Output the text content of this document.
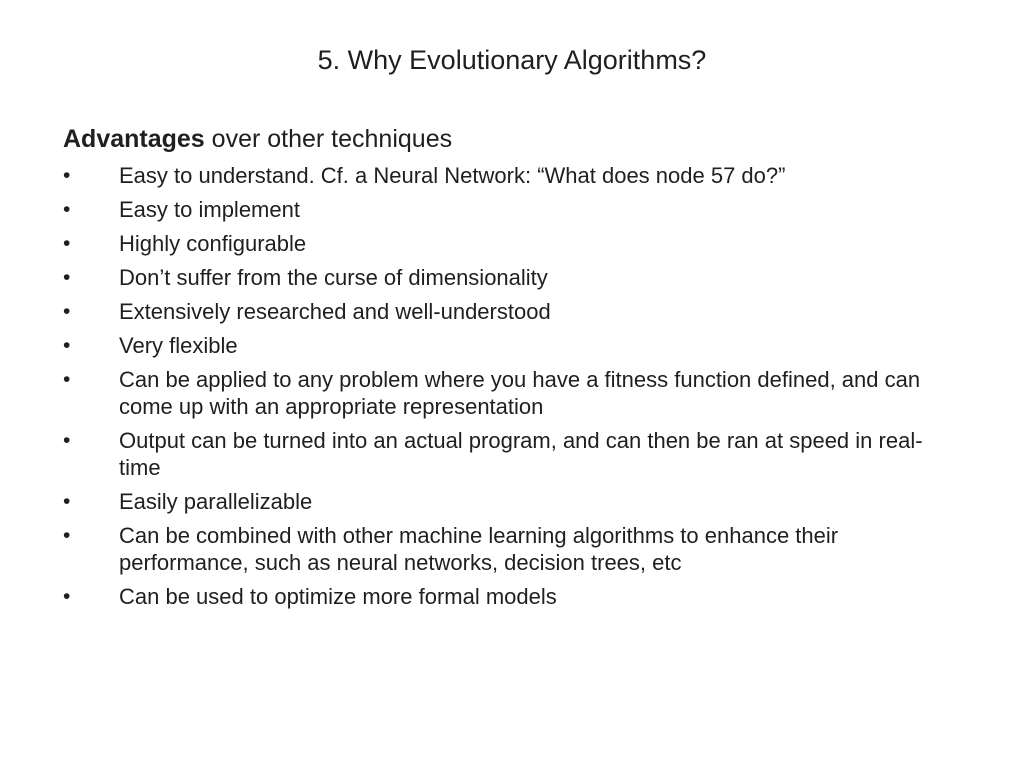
5. Why Evolutionary Algorithms?
Advantages over other techniques
•	Easy to understand. Cf. a Neural Network: “What does node 57 do?”
•	Easy to implement
•	Highly configurable
•	Don’t suffer from the curse of dimensionality
•	Extensively researched and well-understood
•	Very flexible
•	Can be applied to any problem where you have a fitness function defined, and can come up with an appropriate representation
•	Output can be turned into an actual program, and can then be ran at speed in real-time
•	Easily parallelizable
•	Can be combined with other machine learning algorithms to enhance their performance, such as neural networks, decision trees, etc
•	Can be used to optimize more formal models
